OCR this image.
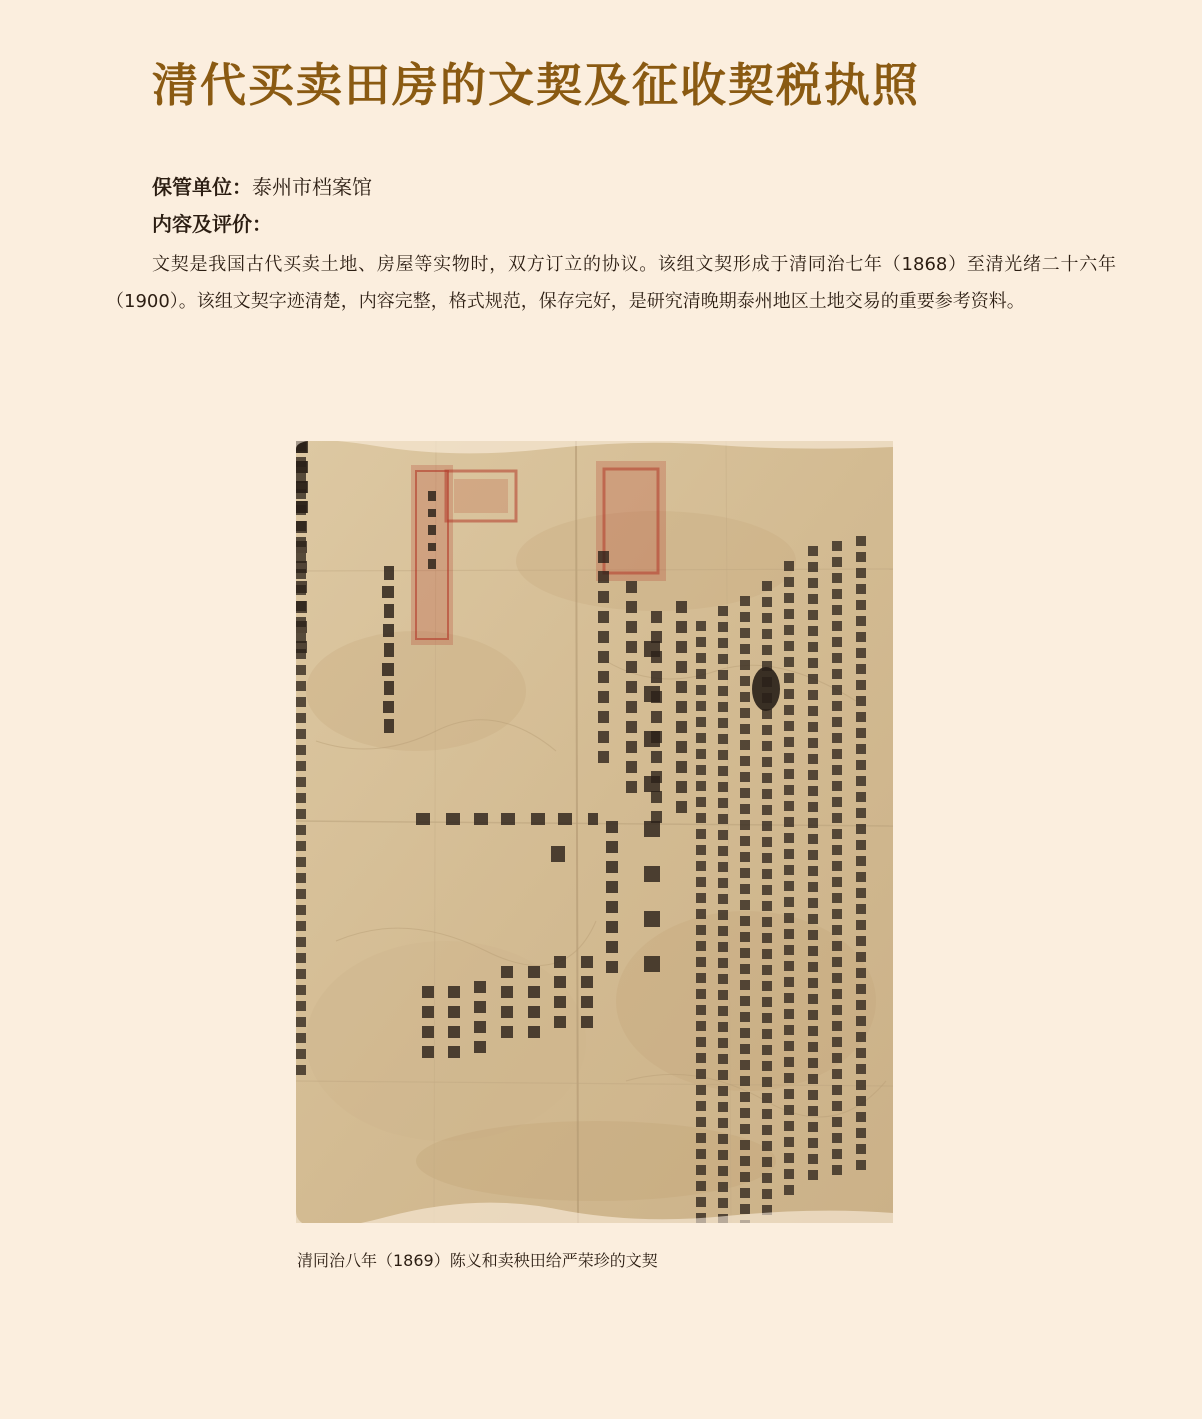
清代买卖田房的文契及征收契税执照
保管单位：泰州市档案馆
内容及评价：

文契是我国古代买卖土地、房屋等实物时，双方订立的协议。该组文契形成于清同治七年（1868）至清光绪二十六年（1900）。该组文契字迹清楚，内容完整，格式规范，保存完好，是研究清晚期泰州地区土地交易的重要参考资料。

清同治八年（1869）陈义和卖秧田给严荣珍的文契
